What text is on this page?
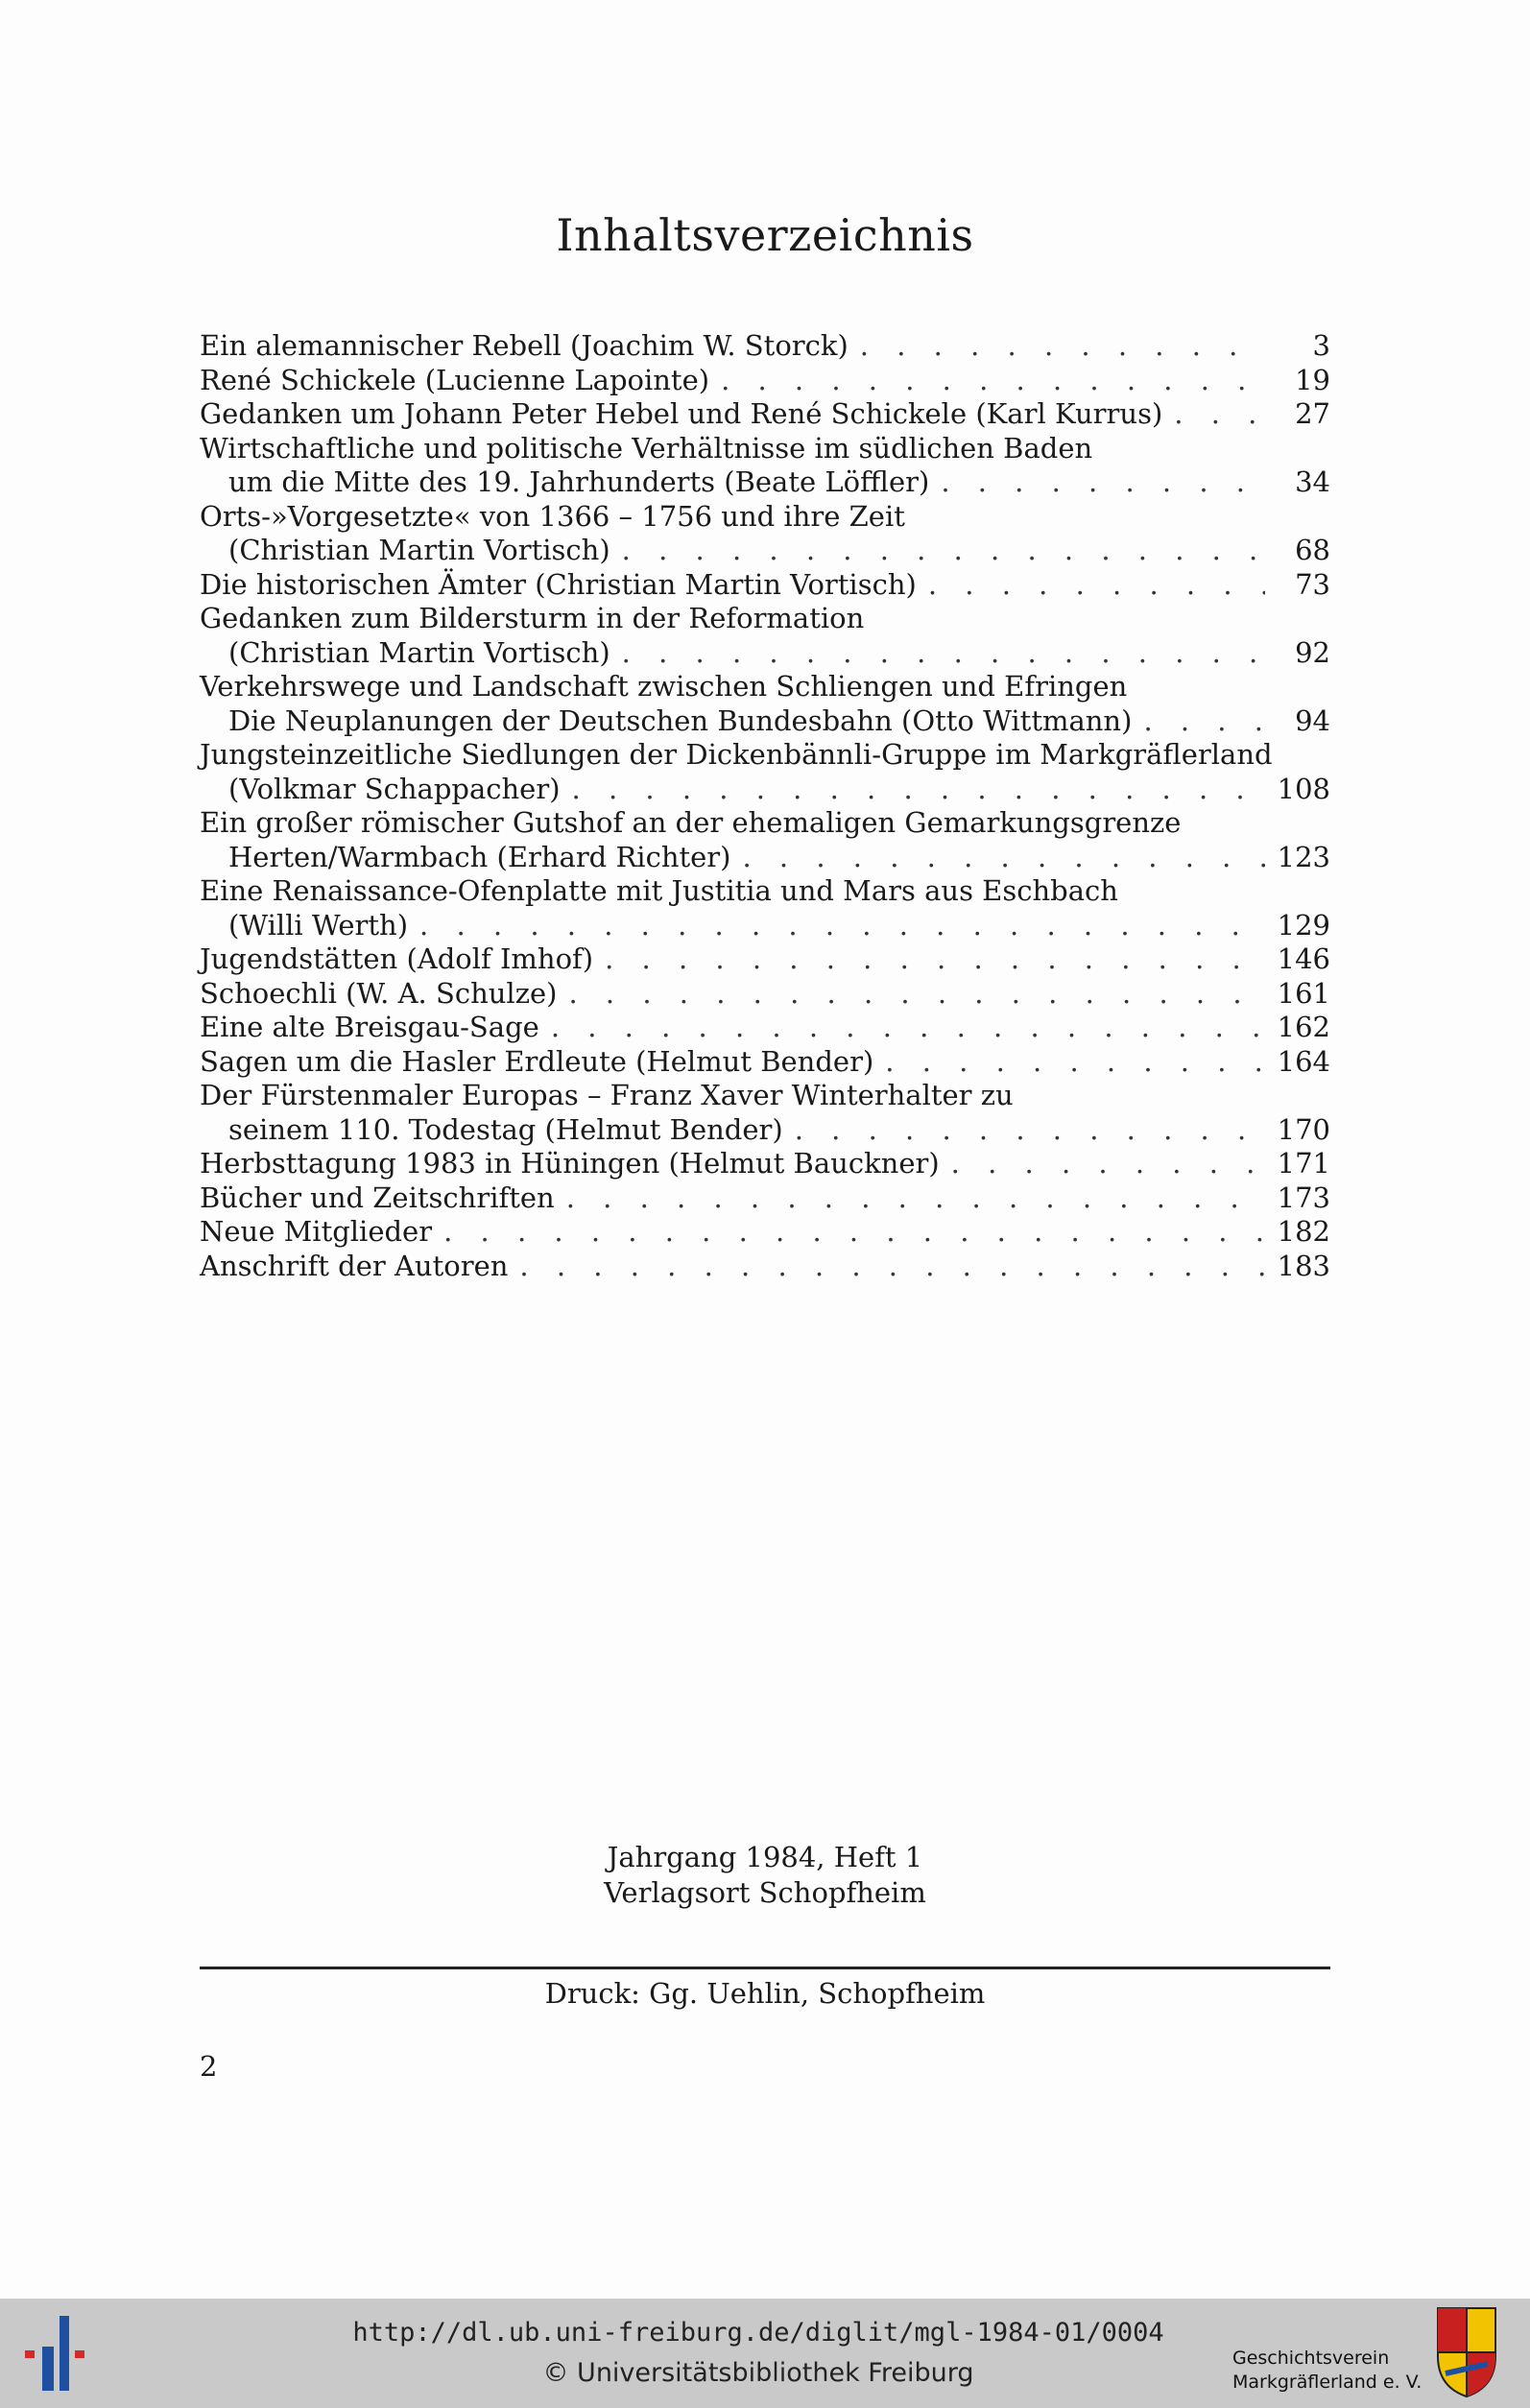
Inhaltsverzeichnis
Ein alemannischer Rebell (Joachim W. Storck) . . .	3
René Schickele (Lucienne Lapointe) . . .	19
Gedanken um Johann Peter Hebel und René Schickele (Karl Kurrus) . . .	27
Wirtschaftliche und politische Verhältnisse im südlichen Baden
um die Mitte des 19. Jahrhunderts (Beate Löffler) . . .	34
Orts-»Vorgesetzte« von 1366 – 1756 und ihre Zeit
(Christian Martin Vortisch) . . .	68
Die historischen Ämter (Christian Martin Vortisch) . . .	73
Gedanken zum Bildersturm in der Reformation
(Christian Martin Vortisch) . . .	92
Verkehrswege und Landschaft zwischen Schliengen und Efringen
Die Neuplanungen der Deutschen Bundesbahn (Otto Wittmann) . . .	94
Jungsteinzeitliche Siedlungen der Dickenbännli-Gruppe im Markgräflerland
(Volkmar Schappacher) . . .	108
Ein großer römischer Gutshof an der ehemaligen Gemarkungsgrenze
Herten/Warmbach (Erhard Richter) . . .	123
Eine Renaissance-Ofenplatte mit Justitia und Mars aus Eschbach
(Willi Werth) . . .	129
Jugendstätten (Adolf Imhof) . . .	146
Schoechli (W. A. Schulze) . . .	161
Eine alte Breisgau-Sage . . .	162
Sagen um die Hasler Erdleute (Helmut Bender) . . .	164
Der Fürstenmaler Europas – Franz Xaver Winterhalter zu
seinem 110. Todestag (Helmut Bender) . . .	170
Herbsttagung 1983 in Hüningen (Helmut Bauckner) . . .	171
Bücher und Zeitschriften . . .	173
Neue Mitglieder . . .	182
Anschrift der Autoren . . .	183
Jahrgang 1984, Heft 1
Verlagsort Schopfheim
Druck: Gg. Uehlin, Schopfheim
2
http://dl.ub.uni-freiburg.de/diglit/mgl-1984-01/0004
© Universitätsbibliothek Freiburg	Geschichtsverein
Markgräflerland e. V.
